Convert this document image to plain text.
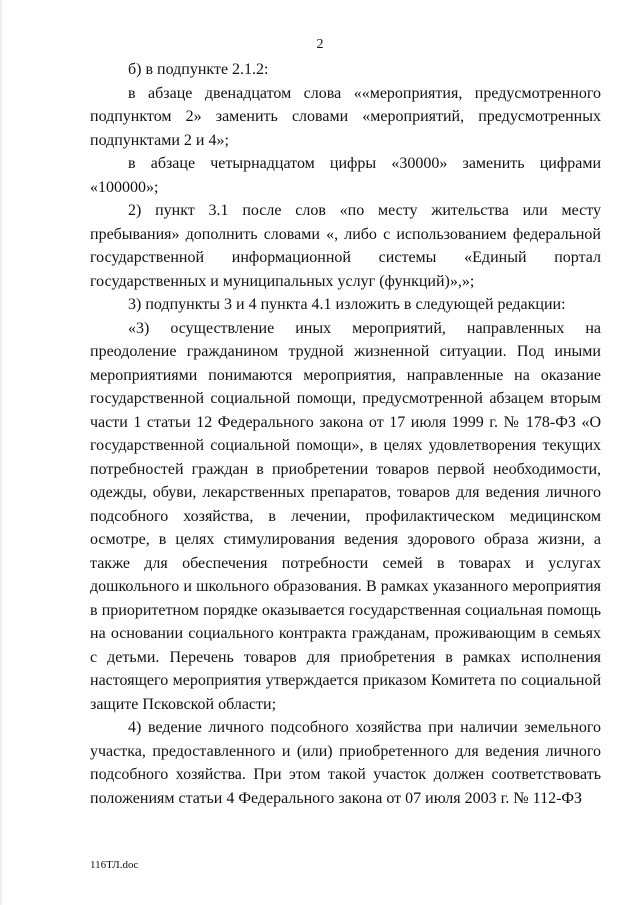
2

б) в подпункте 2.1.2:

в абзаце двенадцатом слова ««мероприятия, предусмотренного подпунктом 2» заменить словами «мероприятий, предусмотренных подпунктами 2 и 4»;

в абзаце четырнадцатом цифры «30000» заменить цифрами «100000»;

2) пункт 3.1 после слов «по месту жительства или месту пребывания» дополнить словами «, либо с использованием федеральной государственной информационной системы «Единый портал государственных и муниципальных услуг (функций)»,»;

3) подпункты 3 и 4 пункта 4.1 изложить в следующей редакции:

«3) осуществление иных мероприятий, направленных на преодоление гражданином трудной жизненной ситуации. Под иными мероприятиями понимаются мероприятия, направленные на оказание государственной социальной помощи, предусмотренной абзацем вторым части 1 статьи 12 Федерального закона от 17 июля 1999 г. № 178-ФЗ «О государственной социальной помощи», в целях удовлетворения текущих потребностей граждан в приобретении товаров первой необходимости, одежды, обуви, лекарственных препаратов, товаров для ведения личного подсобного хозяйства, в лечении, профилактическом медицинском осмотре, в целях стимулирования ведения здорового образа жизни, а также для обеспечения потребности семей в товарах и услугах дошкольного и школьного образования. В рамках указанного мероприятия в приоритетном порядке оказывается государственная социальная помощь на основании социального контракта гражданам, проживающим в семьях с детьми. Перечень товаров для приобретения в рамках исполнения настоящего мероприятия утверждается приказом Комитета по социальной защите Псковской области;

4) ведение личного подсобного хозяйства при наличии земельного участка, предоставленного и (или) приобретенного для ведения личного подсобного хозяйства. При этом такой участок должен соответствовать положениям статьи 4 Федерального закона от 07 июля 2003 г. № 112-ФЗ

116ТЛ.doc
